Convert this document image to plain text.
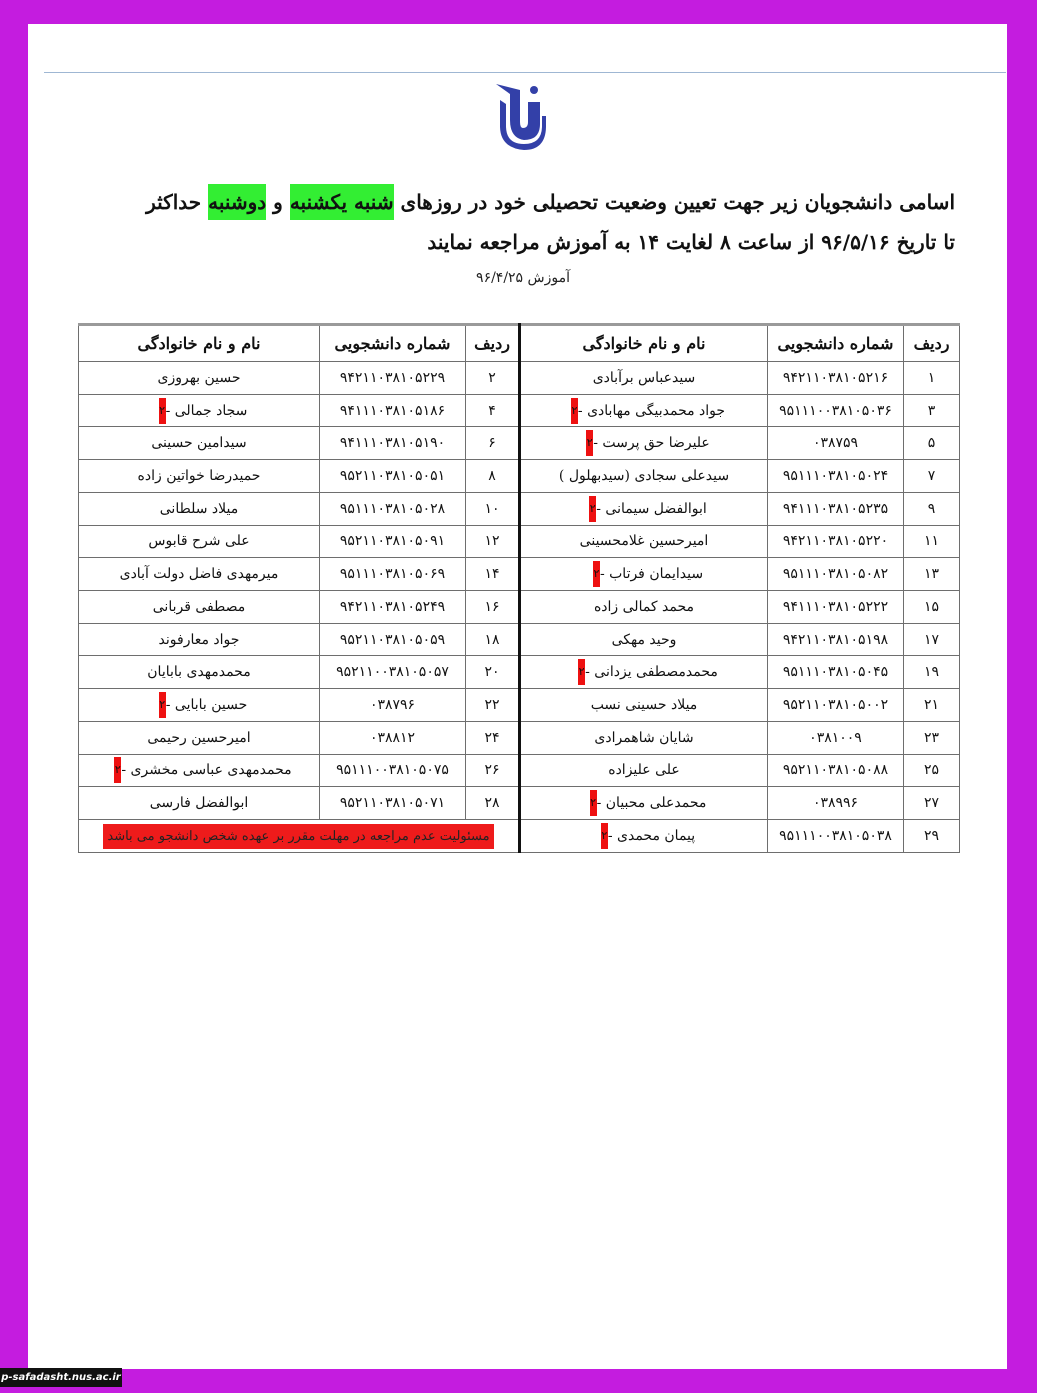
اسامی دانشجویان زیر جهت تعیین وضعیت تحصیلی خود در روزهای شنبه یکشنبه و دوشنبه حداکثر تا تاریخ ۹۶/۵/۱۶ از ساعت ۸ لغایت ۱۴ به آموزش مراجعه نمایند
آموزش ۹۶/۴/۲۵
ردیف	شماره دانشجویی	نام و نام خانوادگی	ردیف	شماره دانشجویی	نام و نام خانوادگی
۱	۹۴۲۱۱۰۳۸۱۰۵۲۱۶	سیدعباس برآبادی	۲	۹۴۲۱۱۰۳۸۱۰۵۲۲۹	حسین بهروزی
۳	۹۵۱۱۱۰۰۳۸۱۰۵۰۳۶	جواد محمدبیگی مهابادی -۲	۴	۹۴۱۱۱۰۳۸۱۰۵۱۸۶	سجاد جمالی -۲
۵	۰۳۸۷۵۹	علیرضا حق پرست -۲	۶	۹۴۱۱۱۰۳۸۱۰۵۱۹۰	سیدامین حسینی
۷	۹۵۱۱۱۰۳۸۱۰۵۰۲۴	سیدعلی سجادی (سیدبهلول )	۸	۹۵۲۱۱۰۳۸۱۰۵۰۵۱	حمیدرضا خواتین زاده
۹	۹۴۱۱۱۰۳۸۱۰۵۲۳۵	ابوالفضل سیمانی -۲	۱۰	۹۵۱۱۱۰۳۸۱۰۵۰۲۸	میلاد سلطانی
۱۱	۹۴۲۱۱۰۳۸۱۰۵۲۲۰	امیرحسین غلامحسینی	۱۲	۹۵۲۱۱۰۳۸۱۰۵۰۹۱	علی شرح قابوس
۱۳	۹۵۱۱۱۰۳۸۱۰۵۰۸۲	سیدایمان فرتاب -۲	۱۴	۹۵۱۱۱۰۳۸۱۰۵۰۶۹	میرمهدی فاضل دولت آبادی
۱۵	۹۴۱۱۱۰۳۸۱۰۵۲۲۲	محمد کمالی زاده	۱۶	۹۴۲۱۱۰۳۸۱۰۵۲۴۹	مصطفی قربانی
۱۷	۹۴۲۱۱۰۳۸۱۰۵۱۹۸	وحید مهکی	۱۸	۹۵۲۱۱۰۳۸۱۰۵۰۵۹	جواد معارفوند
۱۹	۹۵۱۱۱۰۳۸۱۰۵۰۴۵	محمدمصطفی یزدانی -۲	۲۰	۹۵۲۱۱۰۰۳۸۱۰۵۰۵۷	محمدمهدی بابایان
۲۱	۹۵۲۱۱۰۳۸۱۰۵۰۰۲	میلاد حسینی نسب	۲۲	۰۳۸۷۹۶	حسین بابایی -۲
۲۳	۰۳۸۱۰۰۹	شایان شاهمرادی	۲۴	۰۳۸۸۱۲	امیرحسین رحیمی
۲۵	۹۵۲۱۱۰۳۸۱۰۵۰۸۸	علی علیزاده	۲۶	۹۵۱۱۱۰۰۳۸۱۰۵۰۷۵	محمدمهدی عباسی مخشری -۲
۲۷	۰۳۸۹۹۶	محمدعلی محبیان -۲	۲۸	۹۵۲۱۱۰۳۸۱۰۵۰۷۱	ابوالفضل فارسی
۲۹	۹۵۱۱۱۰۰۳۸۱۰۵۰۳۸	پیمان محمدی -۲	مسئولیت عدم مراجعه در مهلت مقرر بر عهده شخص دانشجو می باشد		
p-safadasht.nus.ac.ir
